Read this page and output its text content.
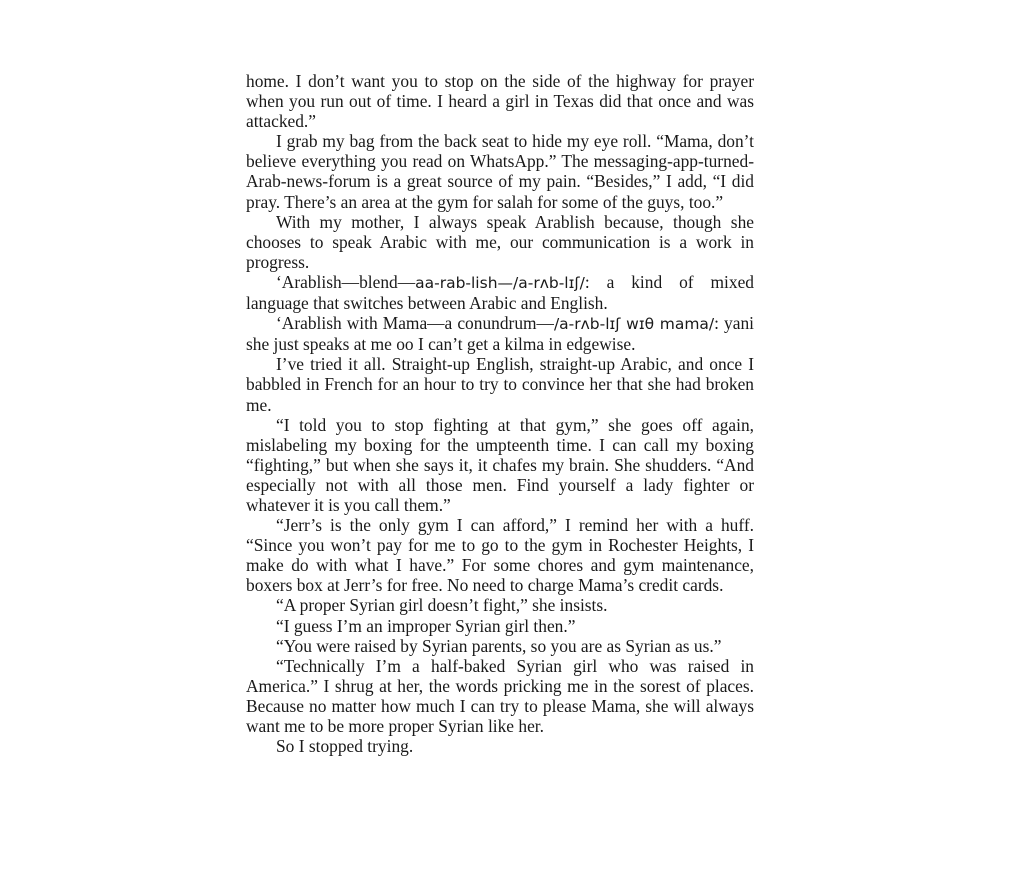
home. I don’t want you to stop on the side of the highway for prayer when you run out of time. I heard a girl in Texas did that once and was attacked.”

I grab my bag from the back seat to hide my eye roll. “Mama, don’t believe everything you read on WhatsApp.” The messaging-app-turned-Arab-news-forum is a great source of my pain. “Besides,” I add, “I did pray. There’s an area at the gym for salah for some of the guys, too.”

With my mother, I always speak Arablish because, though she chooses to speak Arabic with me, our communication is a work in progress.

‘Arablish—blend—aa-rab-lish—/a-rʌb-lɪʃ/: a kind of mixed language that switches between Arabic and English.

‘Arablish with Mama—a conundrum—/a-rʌb-lɪʃ wɪθ mama/: yani she just speaks at me oo I can’t get a kilma in edgewise.

I’ve tried it all. Straight-up English, straight-up Arabic, and once I babbled in French for an hour to try to convince her that she had broken me.

“I told you to stop fighting at that gym,” she goes off again, mislabeling my boxing for the umpteenth time. I can call my boxing “fighting,” but when she says it, it chafes my brain. She shudders. “And especially not with all those men. Find yourself a lady fighter or whatever it is you call them.”

“Jerr’s is the only gym I can afford,” I remind her with a huff. “Since you won’t pay for me to go to the gym in Rochester Heights, I make do with what I have.” For some chores and gym maintenance, boxers box at Jerr’s for free. No need to charge Mama’s credit cards.

“A proper Syrian girl doesn’t fight,” she insists.

“I guess I’m an improper Syrian girl then.”

“You were raised by Syrian parents, so you are as Syrian as us.”

“Technically I’m a half-baked Syrian girl who was raised in America.” I shrug at her, the words pricking me in the sorest of places. Because no matter how much I can try to please Mama, she will always want me to be more proper Syrian like her.

So I stopped trying.
